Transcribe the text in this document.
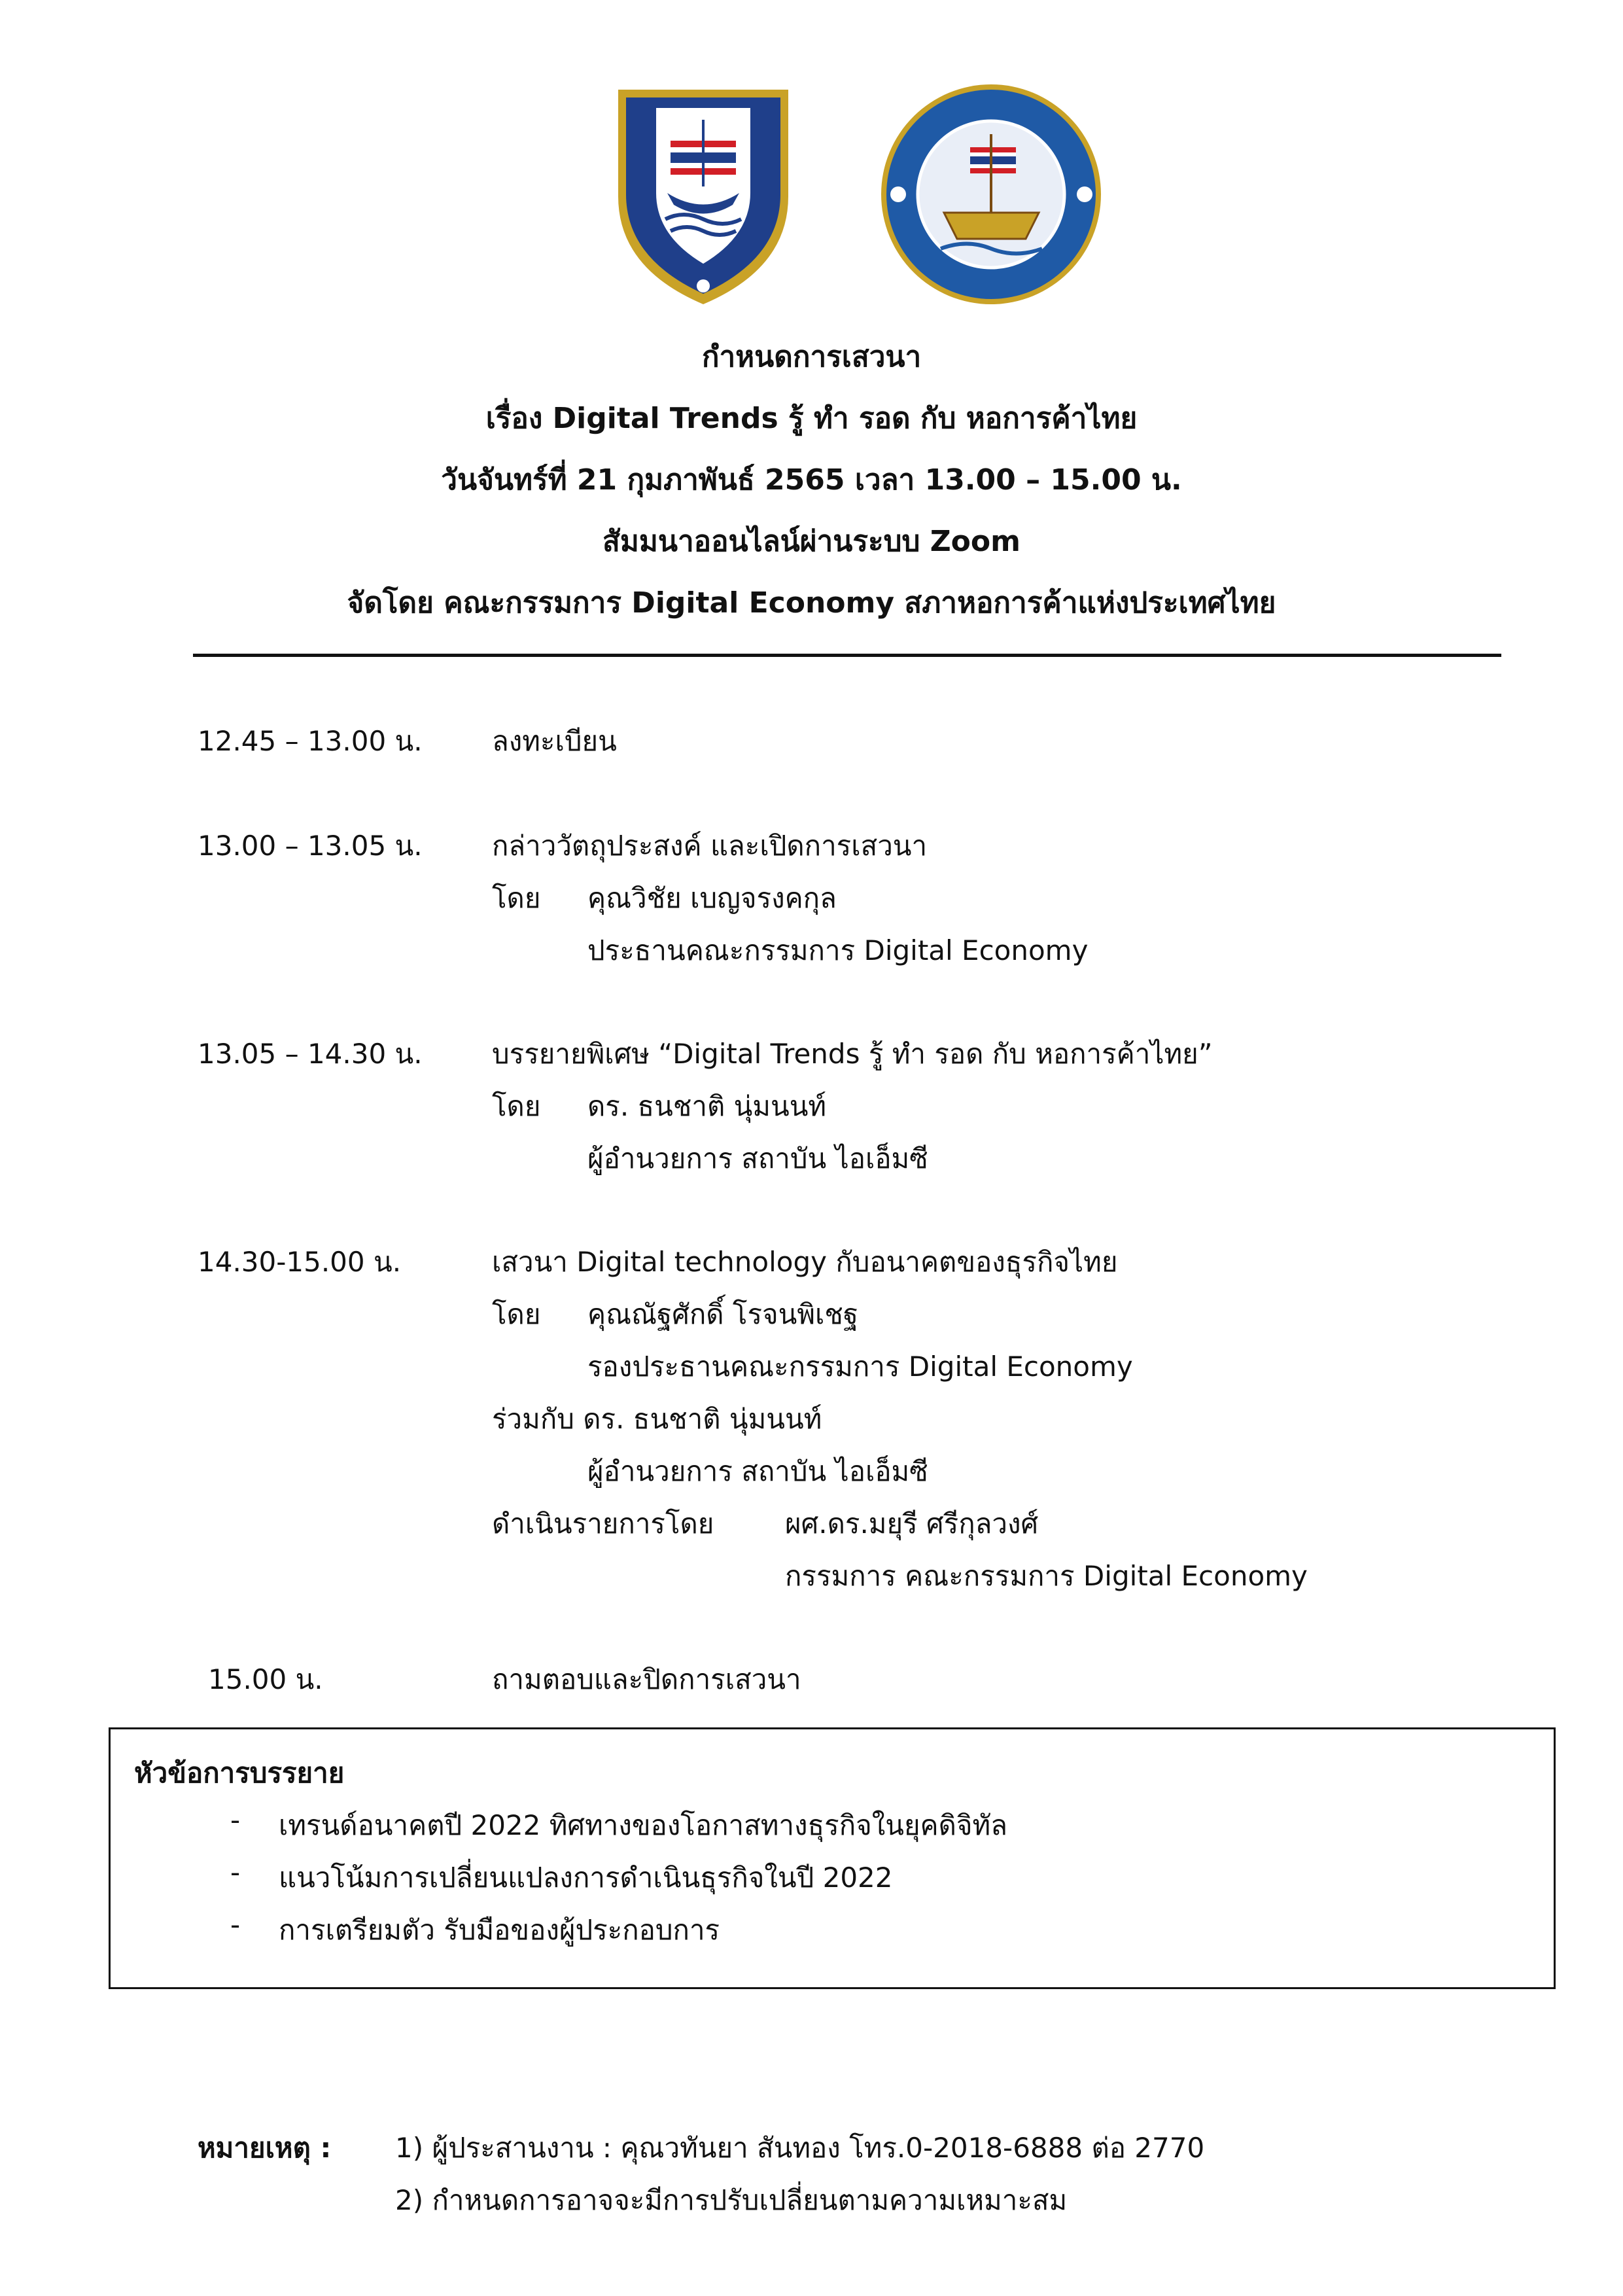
กำหนดการเสวนา
เรื่อง Digital Trends รู้ ทำ รอด กับ หอการค้าไทย
วันจันทร์ที่ 21 กุมภาพันธ์ 2565 เวลา 13.00 – 15.00 น.
สัมมนาออนไลน์ผ่านระบบ Zoom
จัดโดย คณะกรรมการ Digital Economy สภาหอการค้าแห่งประเทศไทย
12.45 – 13.00 น.	ลงทะเบียน
13.00 – 13.05 น.	กล่าววัตถุประสงค์ และเปิดการเสวนา
โดย คุณวิชัย เบญจรงคกุล
ประธานคณะกรรมการ Digital Economy
13.05 – 14.30 น.	บรรยายพิเศษ “Digital Trends รู้ ทำ รอด กับ หอการค้าไทย”
โดย ดร. ธนชาติ นุ่มนนท์
ผู้อำนวยการ สถาบัน ไอเอ็มซี
14.30-15.00 น.	เสวนา Digital technology กับอนาคตของธุรกิจไทย
โดย คุณณัฐศักดิ์ โรจนพิเชฐ
รองประธานคณะกรรมการ Digital Economy
ร่วมกับ ดร. ธนชาติ นุ่มนนท์
ผู้อำนวยการ สถาบัน ไอเอ็มซี
ดำเนินรายการโดย	ผศ.ดร.มยุรี ศรีกุลวงศ์
กรรมการ คณะกรรมการ Digital Economy
15.00 น.	ถามตอบและปิดการเสวนา
หัวข้อการบรรยาย
- เทรนด์อนาคตปี 2022 ทิศทางของโอกาสทางธุรกิจในยุคดิจิทัล
- แนวโน้มการเปลี่ยนแปลงการดำเนินธุรกิจในปี 2022
- การเตรียมตัว รับมือของผู้ประกอบการ
หมายเหตุ : 1) ผู้ประสานงาน : คุณวทันยา สันทอง โทร.0-2018-6888 ต่อ 2770
2) กำหนดการอาจจะมีการปรับเปลี่ยนตามความเหมาะสม
